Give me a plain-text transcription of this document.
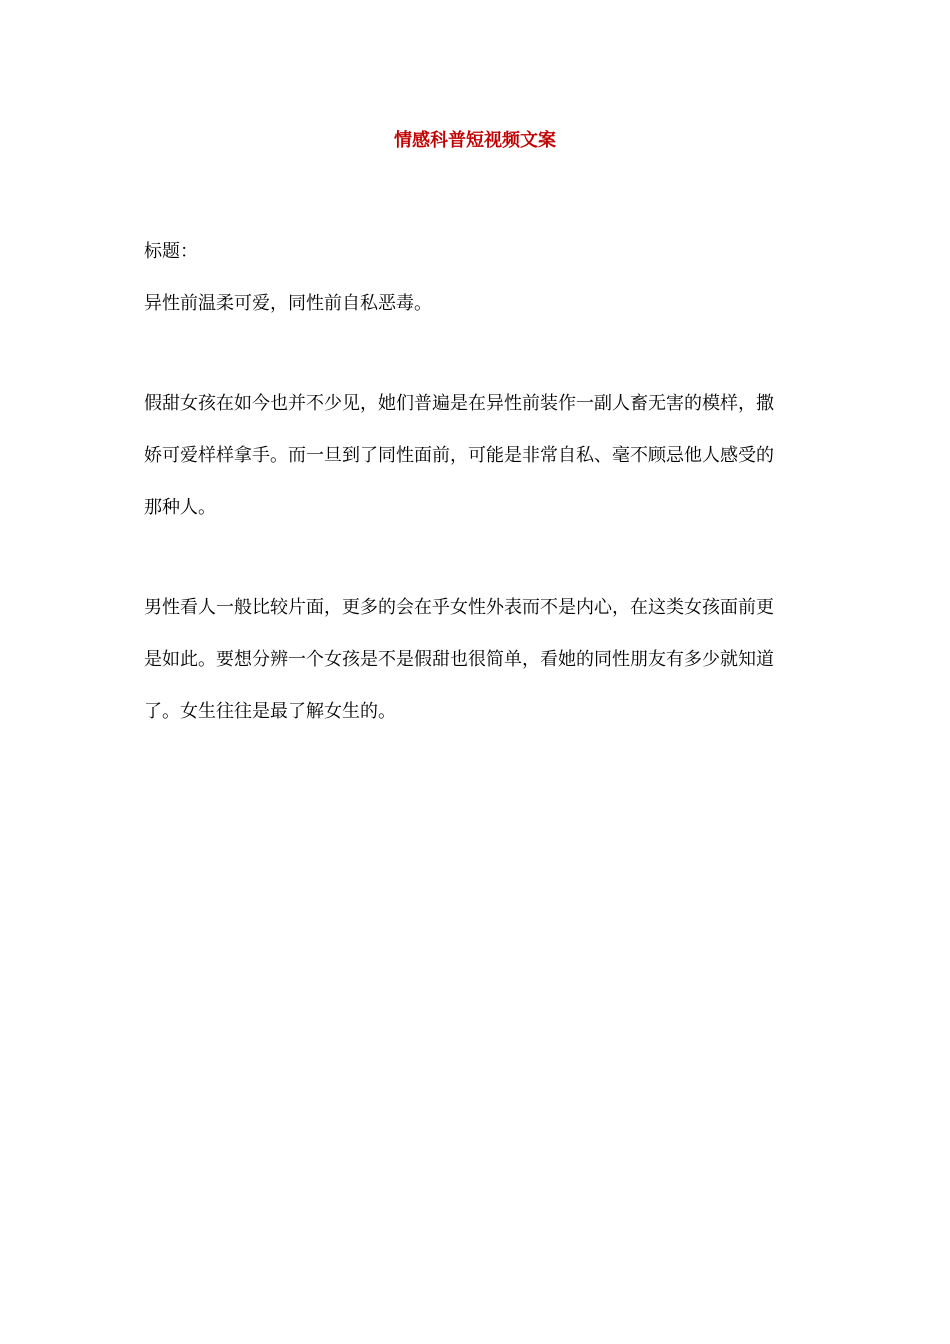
情感科普短视频文案

标题：

异性前温柔可爱，同性前自私恶毒。

假甜女孩在如今也并不少见，她们普遍是在异性前装作一副人畜无害的模样，撒

娇可爱样样拿手。而一旦到了同性面前，可能是非常自私、毫不顾忌他人感受的

那种人。

男性看人一般比较片面，更多的会在乎女性外表而不是内心，在这类女孩面前更

是如此。要想分辨一个女孩是不是假甜也很简单，看她的同性朋友有多少就知道

了。女生往往是最了解女生的。
